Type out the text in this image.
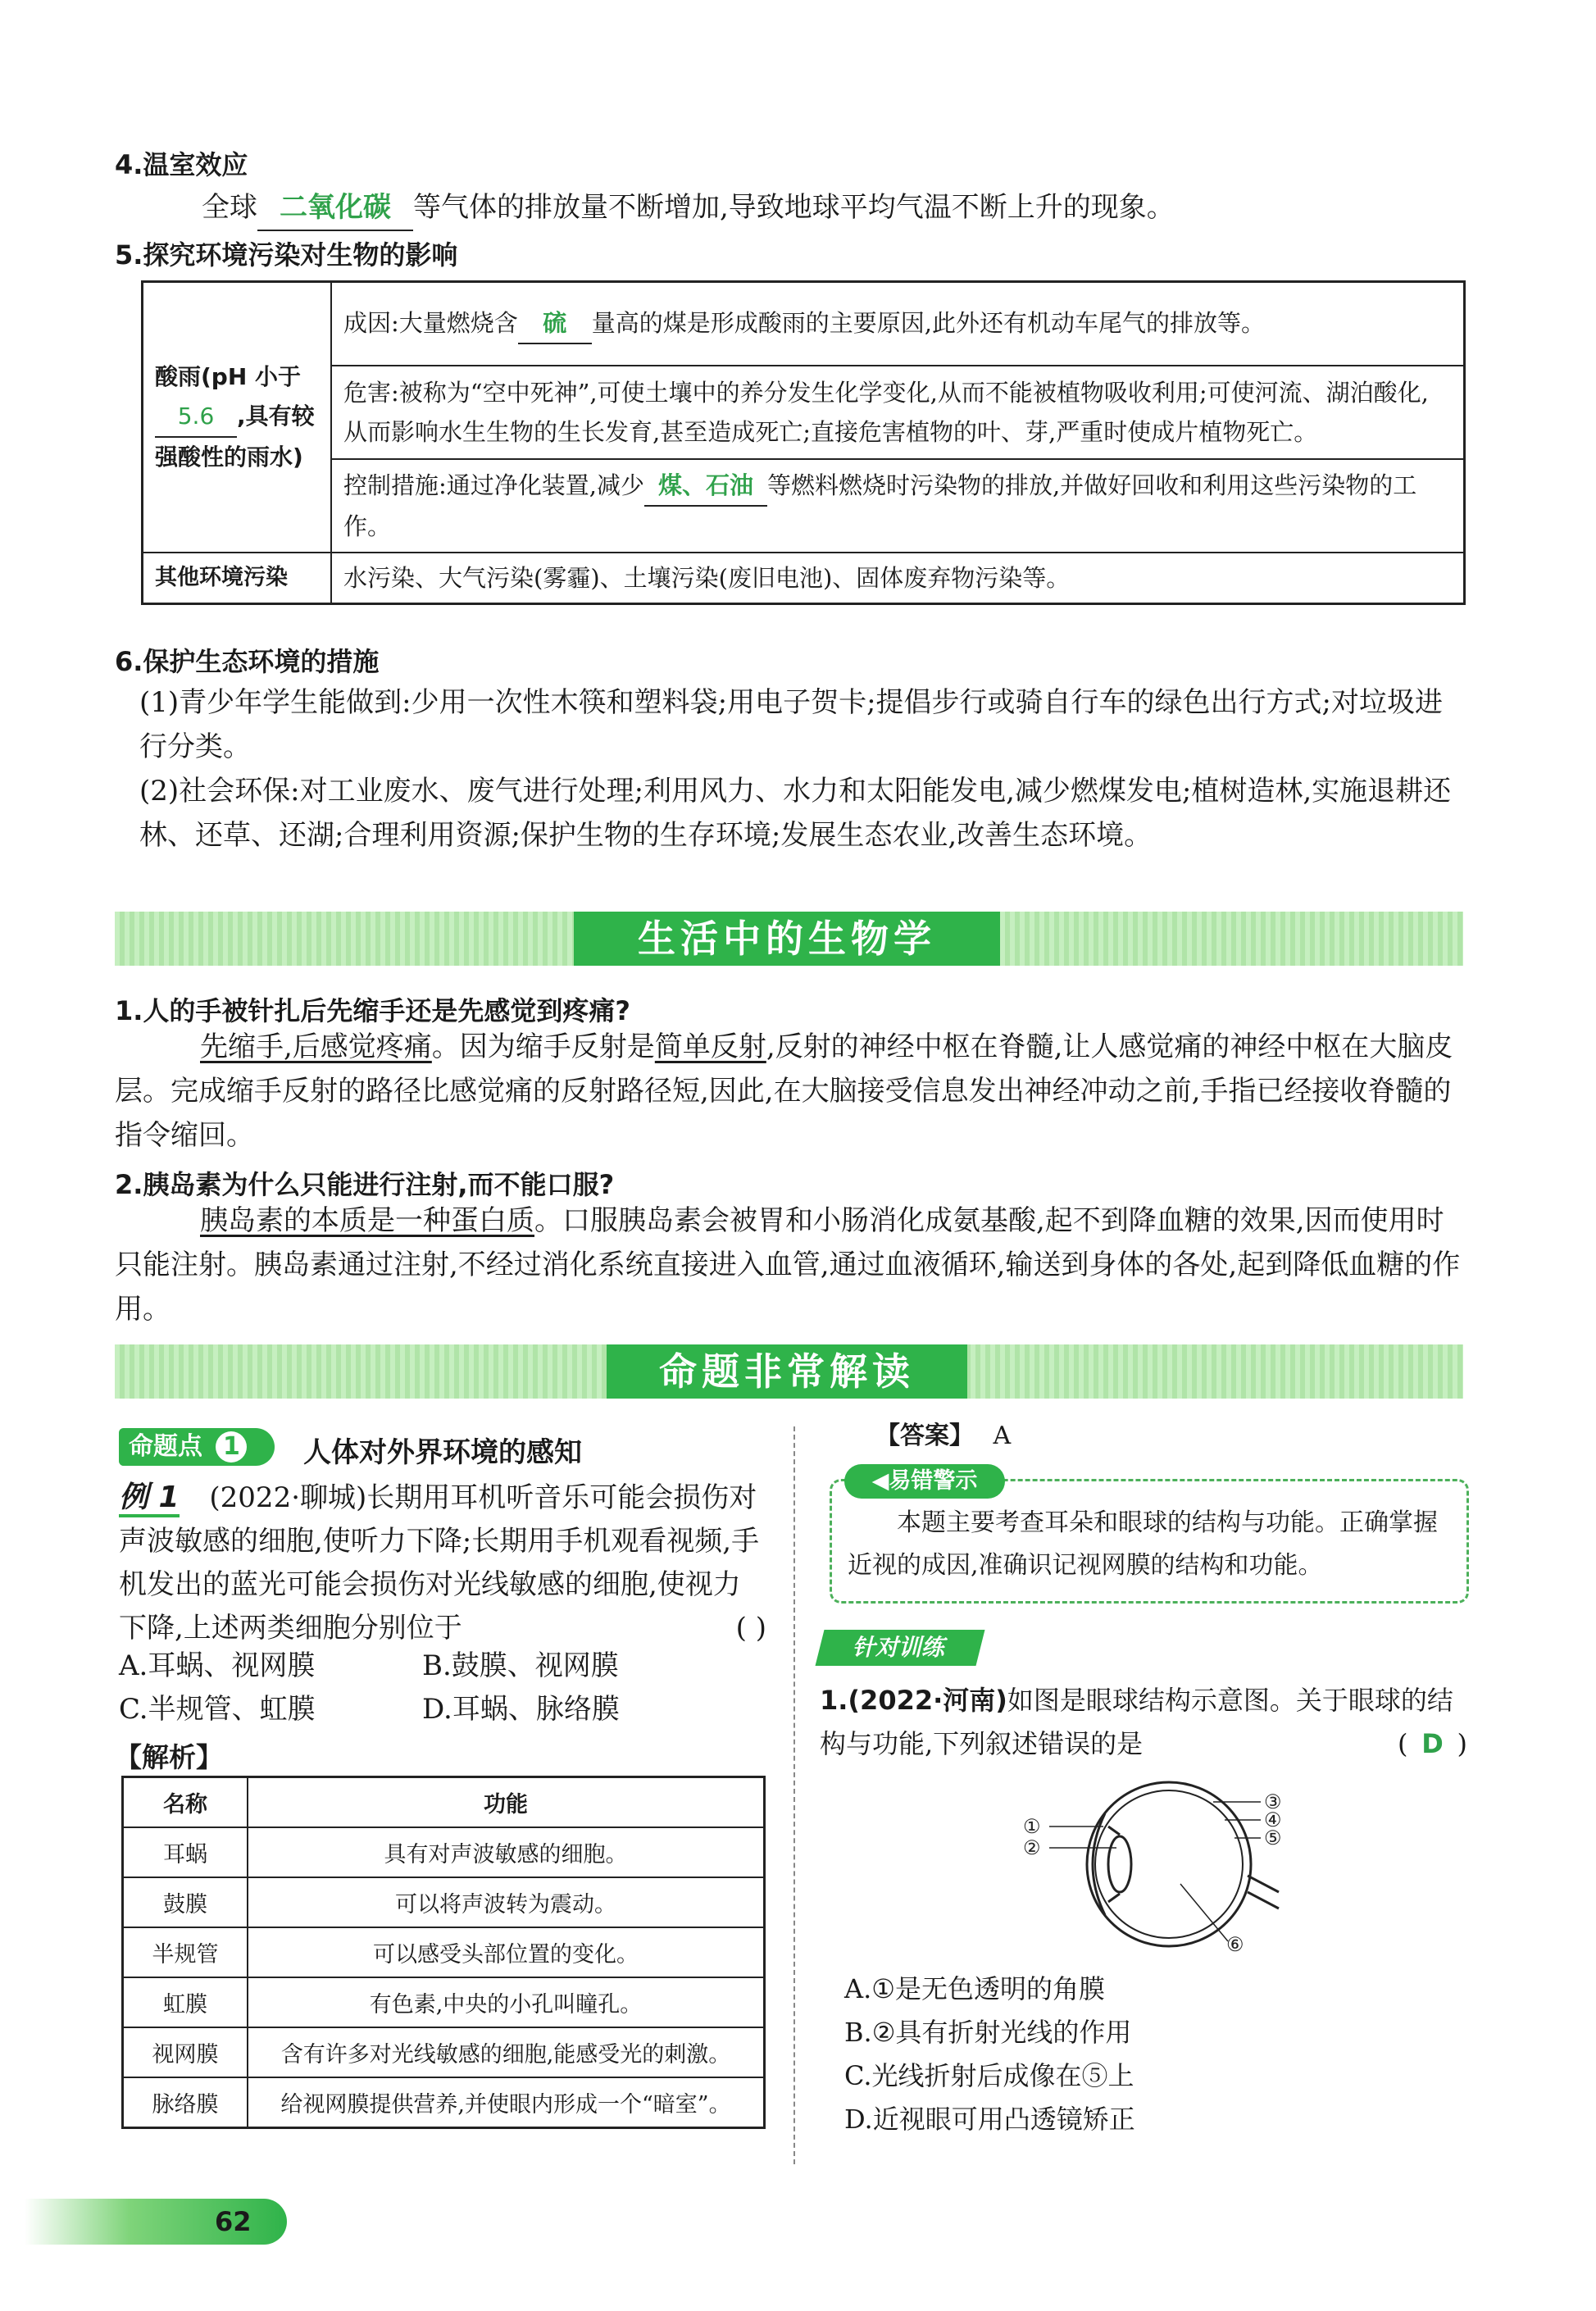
4.温室效应
全球 二氧化碳 等气体的排放量不断增加,导致地球平均气温不断上升的现象。
5.探究环境污染对生物的影响
酸雨(pH 小于
5.6 ,具有较强酸性的雨水)	成因:大量燃烧含 硫 量高的煤是形成酸雨的主要原因,此外还有机动车尾气的排放等。
	危害:被称为“空中死神”,可使土壤中的养分发生化学变化,从而不能被植物吸收利用;可使河流、湖泊酸化,从而影响水生生物的生长发育,甚至造成死亡;直接危害植物的叶、芽,严重时使成片植物死亡。
	控制措施:通过净化装置,减少 煤、石油 等燃料燃烧时污染物的排放,并做好回收和利用这些污染物的工作。
其他环境污染	水污染、大气污染(雾霾)、土壤污染(废旧电池)、固体废弃物污染等。
6.保护生态环境的措施
(1)青少年学生能做到:少用一次性木筷和塑料袋;用电子贺卡;提倡步行或骑自行车的绿色出行方式;对垃圾进行分类。
(2)社会环保:对工业废水、废气进行处理;利用风力、水力和太阳能发电,减少燃煤发电;植树造林,实施退耕还林、还草、还湖;合理利用资源;保护生物的生存环境;发展生态农业,改善生态环境。
生活中的生物学
1.人的手被针扎后先缩手还是先感觉到疼痛?
先缩手,后感觉疼痛。因为缩手反射是简单反射,反射的神经中枢在脊髓,让人感觉痛的神经中枢在大脑皮层。完成缩手反射的路径比感觉痛的反射路径短,因此,在大脑接受信息发出神经冲动之前,手指已经接收脊髓的指令缩回。
2.胰岛素为什么只能进行注射,而不能口服?
胰岛素的本质是一种蛋白质。口服胰岛素会被胃和小肠消化成氨基酸,起不到降血糖的效果,因而使用时只能注射。胰岛素通过注射,不经过消化系统直接进入血管,通过血液循环,输送到身体的各处,起到降低血糖的作用。
命题非常解读
命题点 1	人体对外界环境的感知
例 1 (2022·聊城)长期用耳机听音乐可能会损伤对声波敏感的细胞,使听力下降;长期用手机观看视频,手机发出的蓝光可能会损伤对光线敏感的细胞,使视力下降,上述两类细胞分别位于	( )
A.耳蜗、视网膜	B.鼓膜、视网膜
C.半规管、虹膜	D.耳蜗、脉络膜
【解析】
名称	功能
耳蜗	具有对声波敏感的细胞。
鼓膜	可以将声波转为震动。
半规管	可以感受头部位置的变化。
虹膜	有色素,中央的小孔叫瞳孔。
视网膜	含有许多对光线敏感的细胞,能感受光的刺激。
脉络膜	给视网膜提供营养,并使眼内形成一个“暗室”。
【答案】 A
◀易错警示
本题主要考查耳朵和眼球的结构与功能。正确掌握近视的成因,准确识记视网膜的结构和功能。
针对训练
1.(2022·河南)如图是眼球结构示意图。关于眼球的结构与功能,下列叙述错误的是	( D )
①
②
③
④
⑤
⑥
A.①是无色透明的角膜
B.②具有折射光线的作用
C.光线折射后成像在⑤上
D.近视眼可用凸透镜矫正
62
